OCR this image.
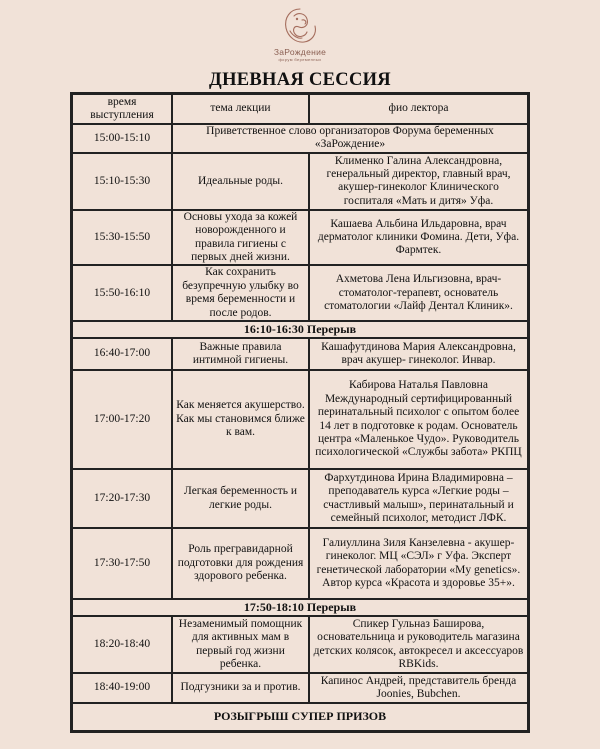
ЗаРождение
форум беременных
ДНЕВНАЯ СЕССИЯ
время выступления	тема лекции	фио лектора
15:00-15:10	Приветственное слово организаторов Форума беременных «ЗаРождение»	
15:10-15:30	Идеальные роды.	Клименко Галина Александровна, генеральный директор, главный врач, акушер-гинеколог Клинического госпиталя «Мать и дитя» Уфа.
15:30-15:50	Основы ухода за кожей новорожденного и правила гигиены с первых дней жизни.	Кашаева Альбина Ильдаровна, врач дерматолог клиники Фомина. Дети, Уфа. Фармтек.
15:50-16:10	Как сохранить безупречную улыбку во время беременности и после родов.	Ахметова Лена Ильгизовна, врач-стоматолог-терапевт, основатель стоматологии «Лайф Дентал Клиник».
16:10-16:30 Перерыв		
16:40-17:00	Важные правила интимной гигиены.	Кашафутдинова Мария Александровна, врач акушер- гинеколог. Инвар.
17:00-17:20	Как меняется акушерство. Как мы становимся ближе к вам.	Кабирова Наталья Павловна Международный сертифицированный перинатальный психолог с опытом более 14 лет в подготовке к родам. Основатель центра «Маленькое Чудо». Руководитель психологической «Службы забота» РКПЦ
17:20-17:30	Легкая беременность и легкие роды.	Фархутдинова Ирина Владимировна – преподаватель курса «Легкие роды – счастливый малыш», перинатальный и семейный психолог, методист ЛФК.
17:30-17:50	Роль прегравидарной подготовки для рождения здорового ребенка.	Галиуллина Зиля Канзелевна - акушер-гинеколог. МЦ «СЭЛ» г Уфа. Эксперт генетической лаборатории «My genetics». Автор курса «Красота и здоровье 35+».
17:50-18:10 Перерыв		
18:20-18:40	Незаменимый помощник для активных мам в первый год жизни ребенка.	Спикер Гульназ Баширова, основательница и руководитель магазина детских колясок, автокресел и аксессуаров RBKids.
18:40-19:00	Подгузники за и против.	Капинос Андрей, представитель бренда Joonies, Bubchen.
РОЗЫГРЫШ СУПЕР ПРИЗОВ		
